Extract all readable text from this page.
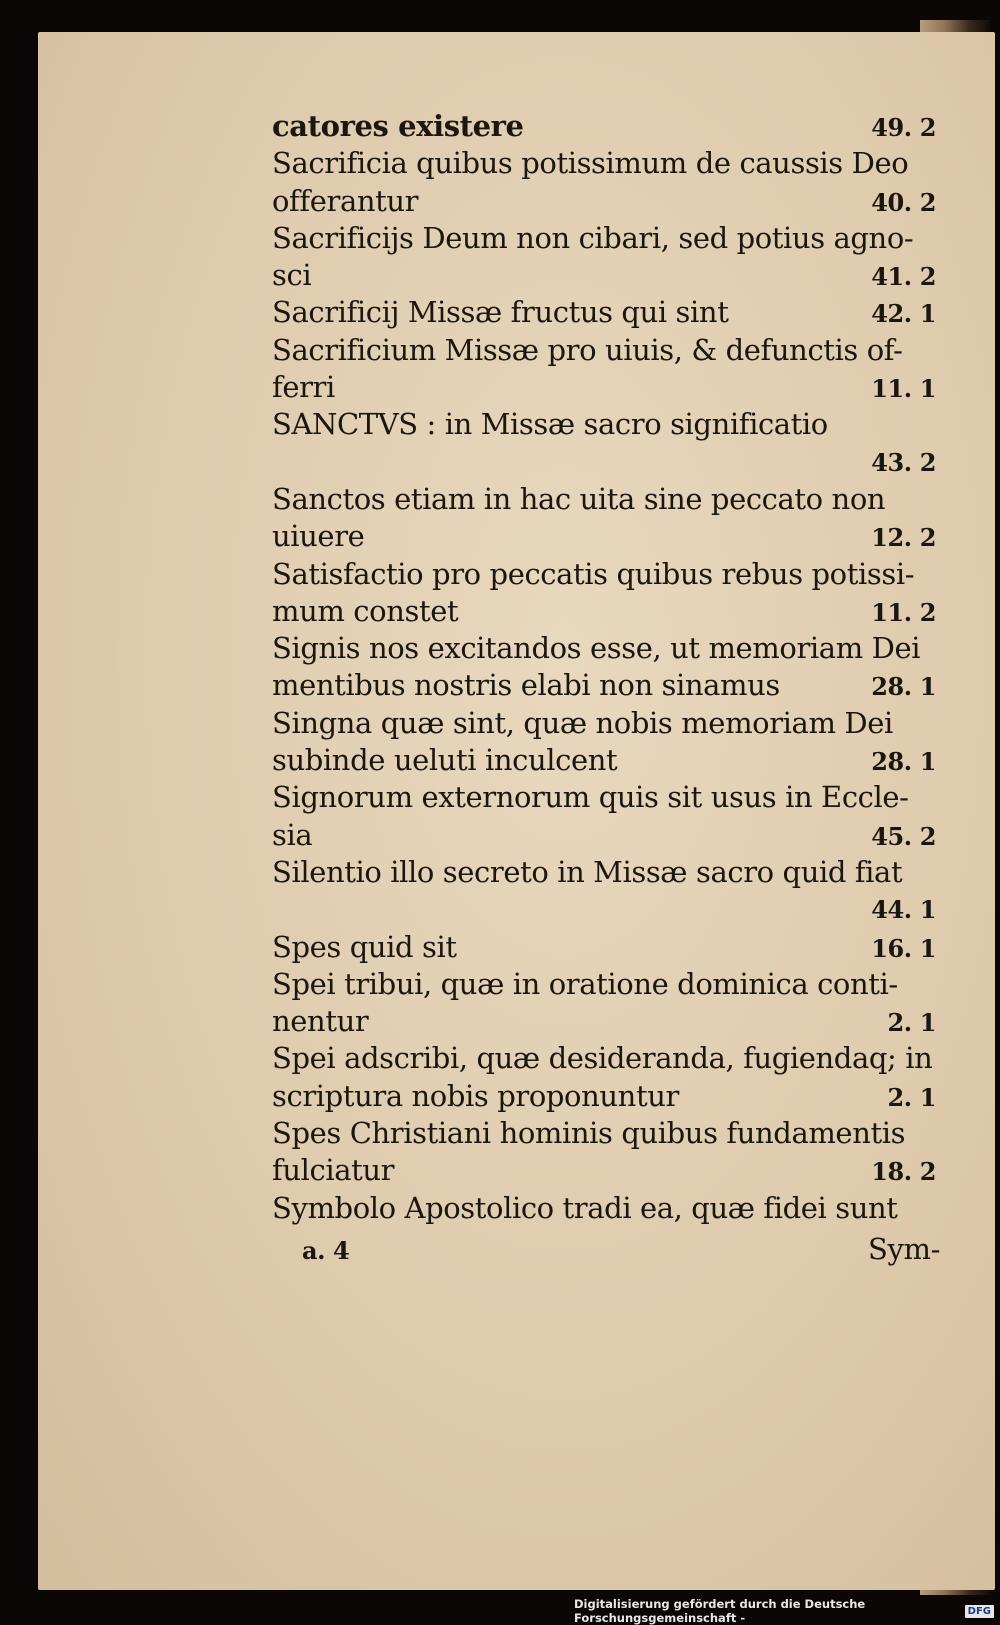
catores existere	49. 2
Sacrificia quibus potissimum de caussis Deo
offerantur	40. 2
Sacrificijs Deum non cibari, sed potius agno-
sci	41. 2
Sacrificij Missæ fructus qui sint	42. 1
Sacrificium Missæ pro uiuis, & defunctis of-
ferri	11. 1
SANCTVS : in Missæ sacro significatio
43. 2
Sanctos etiam in hac uita sine peccato non
uiuere	12. 2
Satisfactio pro peccatis quibus rebus potissi-
mum constet	11. 2
Signis nos excitandos esse, ut memoriam Dei
mentibus nostris elabi non sinamus	28. 1
Singna quæ sint, quæ nobis memoriam Dei
subinde ueluti inculcent	28. 1
Signorum externorum quis sit usus in Eccle-
sia	45. 2
Silentio illo secreto in Missæ sacro quid fiat
44. 1
Spes quid sit	16. 1
Spei tribui, quæ in oratione dominica conti-
nentur	2. 1
Spei adscribi, quæ desideranda, fugiendaq; in
scriptura nobis proponuntur	2. 1
Spes Christiani hominis quibus fundamentis
fulciatur	18. 2
Symbolo Apostolico tradi ea, quæ fidei sunt
a. 4	Sym-
Digitalisierung gefördert durch die Deutsche Forschungsgemeinschaft -	DFG
